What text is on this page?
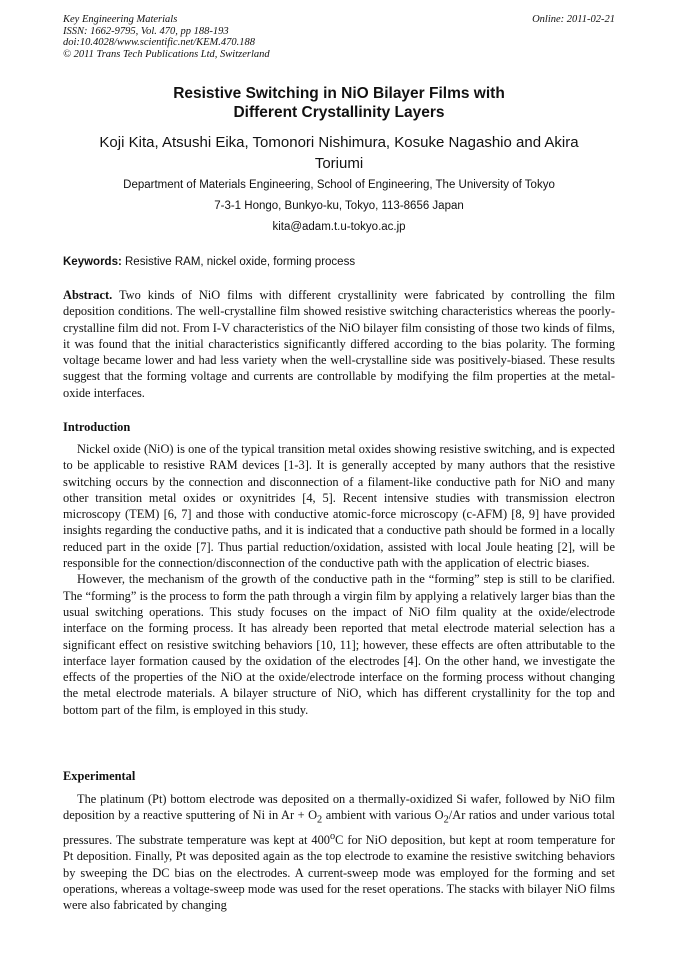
Key Engineering Materials
ISSN: 1662-9795, Vol. 470, pp 188-193
doi:10.4028/www.scientific.net/KEM.470.188
© 2011 Trans Tech Publications Ltd, Switzerland
Online: 2011-02-21
Resistive Switching in NiO Bilayer Films with
Different Crystallinity Layers
Koji Kita, Atsushi Eika, Tomonori Nishimura, Kosuke Nagashio and Akira
Toriumi
Department of Materials Engineering, School of Engineering, The University of Tokyo
7-3-1 Hongo, Bunkyo-ku, Tokyo, 113-8656 Japan
kita@adam.t.u-tokyo.ac.jp
Keywords: Resistive RAM, nickel oxide, forming process

Abstract. Two kinds of NiO films with different crystallinity were fabricated by controlling the film deposition conditions. The well-crystalline film showed resistive switching characteristics whereas the poorly-crystalline film did not. From I-V characteristics of the NiO bilayer film consisting of those two kinds of films, it was found that the initial characteristics significantly differed according to the bias polarity. The forming voltage became lower and had less variety when the well-crystalline side was positively-biased. These results suggest that the forming voltage and currents are controllable by modifying the film properties at the metal-oxide interfaces.

Introduction

Nickel oxide (NiO) is one of the typical transition metal oxides showing resistive switching, and is expected to be applicable to resistive RAM devices [1-3]. It is generally accepted by many authors that the resistive switching occurs by the connection and disconnection of a filament-like conductive path for NiO and many other transition metal oxides or oxynitrides [4, 5]. Recent intensive studies with transmission electron microscopy (TEM) [6, 7] and those with conductive atomic-force microscopy (c-AFM) [8, 9] have provided insights regarding the conductive paths, and it is indicated that a conductive path should be formed in a locally reduced part in the oxide [7]. Thus partial reduction/oxidation, assisted with local Joule heating [2], will be responsible for the connection/disconnection of the conductive path with the application of electric biases.

However, the mechanism of the growth of the conductive path in the “forming” step is still to be clarified. The “forming” is the process to form the path through a virgin film by applying a relatively larger bias than the usual switching operations. This study focuses on the impact of NiO film quality at the oxide/electrode interface on the forming process. It has already been reported that metal electrode material selection has a significant effect on resistive switching behaviors [10, 11]; however, these effects are often attributable to the interface layer formation caused by the oxidation of the electrodes [4]. On the other hand, we investigate the effects of the properties of the NiO at the oxide/electrode interface on the forming process without changing the metal electrode materials. A bilayer structure of NiO, which has different crystallinity for the top and bottom part of the film, is employed in this study.

Experimental

The platinum (Pt) bottom electrode was deposited on a thermally-oxidized Si wafer, followed by NiO film deposition by a reactive sputtering of Ni in $Ar + O_2$ ambient with various $O_2/Ar$ ratios and under various total pressures. The substrate temperature was kept at 400$^o$C for NiO deposition, but kept at room temperature for Pt deposition. Finally, Pt was deposited again as the top electrode to examine the resistive switching behaviors by sweeping the DC bias on the electrodes. A current-sweep mode was employed for the forming and set operations, whereas a voltage-sweep mode was used for the reset operations. The stacks with bilayer NiO films were also fabricated by changing
